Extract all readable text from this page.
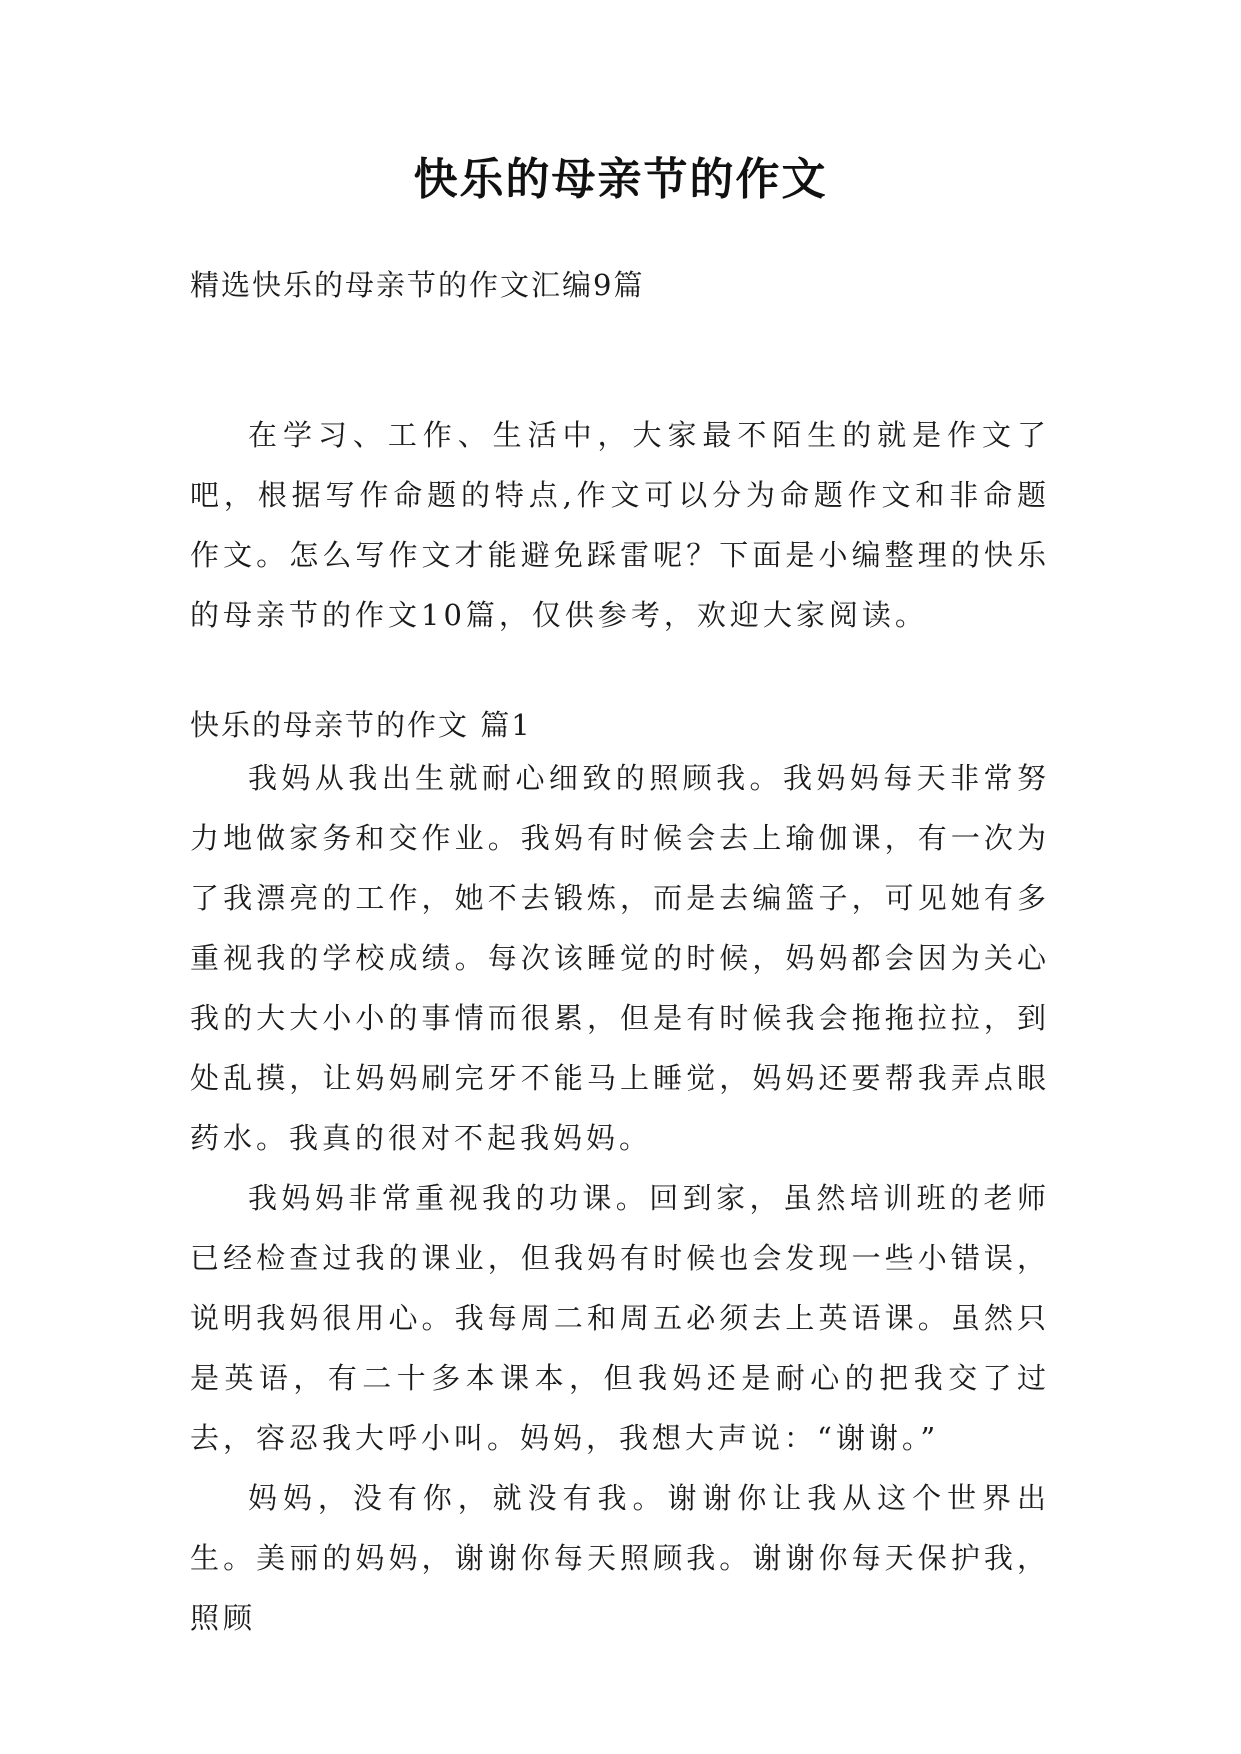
快乐的母亲节的作文
精选快乐的母亲节的作文汇编9篇

在学习、工作、生活中，大家最不陌生的就是作文了吧，根据写作命题的特点,作文可以分为命题作文和非命题作文。怎么写作文才能避免踩雷呢？下面是小编整理的快乐的母亲节的作文10篇，仅供参考，欢迎大家阅读。

快乐的母亲节的作文 篇1

我妈从我出生就耐心细致的照顾我。我妈妈每天非常努力地做家务和交作业。我妈有时候会去上瑜伽课，有一次为了我漂亮的工作，她不去锻炼，而是去编篮子，可见她有多重视我的学校成绩。每次该睡觉的时候，妈妈都会因为关心我的大大小小的事情而很累，但是有时候我会拖拖拉拉，到处乱摸，让妈妈刷完牙不能马上睡觉，妈妈还要帮我弄点眼药水。我真的很对不起我妈妈。

我妈妈非常重视我的功课。回到家，虽然培训班的老师已经检查过我的课业，但我妈有时候也会发现一些小错误，说明我妈很用心。我每周二和周五必须去上英语课。虽然只是英语，有二十多本课本，但我妈还是耐心的把我交了过去，容忍我大呼小叫。妈妈，我想大声说：“谢谢。”

妈妈，没有你，就没有我。谢谢你让我从这个世界出生。美丽的妈妈，谢谢你每天照顾我。谢谢你每天保护我，照顾
